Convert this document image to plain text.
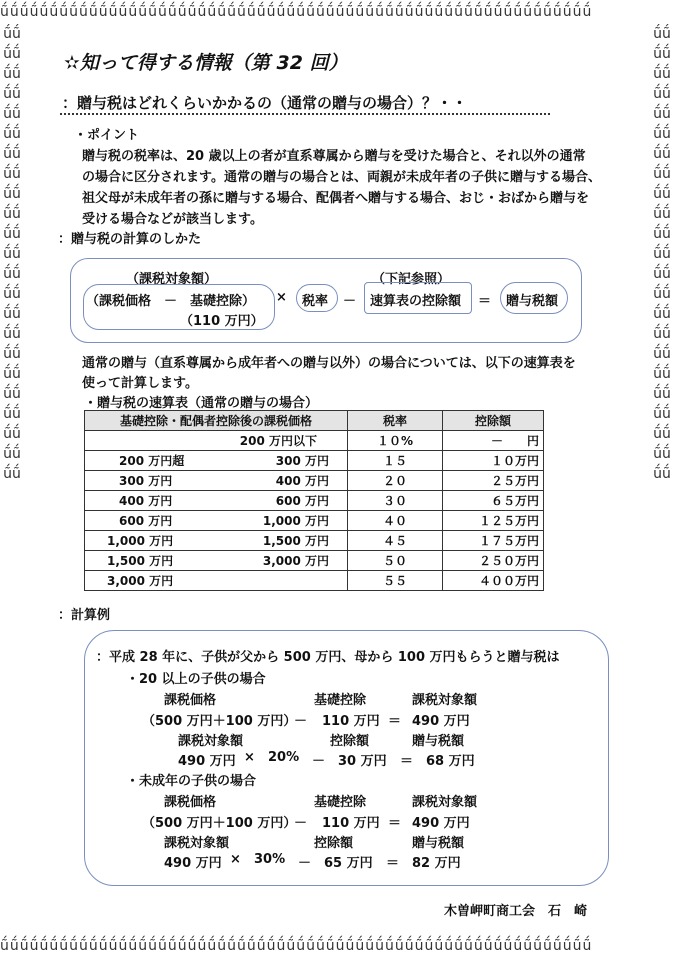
ṹṹṹṹṹṹṹṹṹṹṹṹṹṹṹṹṹṹṹṹṹṹṹṹṹṹṹṹṹṹṹṹṹṹṹṹṹṹṹṹṹṹṹṹṹṹṹṹṹṹṹṹṹṹṹṹṹṹṹṹ
ṹṹṹṹṹṹṹṹṹṹṹṹṹṹṹṹṹṹṹṹṹṹṹṹṹṹṹṹṹṹṹṹṹṹṹṹṹṹṹṹṹṹṹṹṹṹṹṹṹṹṹṹṹṹṹṹṹṹṹṹ
ṹṹṹṹṹṹṹṹṹṹṹṹṹṹṹṹṹṹṹṹṹṹṹṹṹṹṹṹṹṹṹṹṹṹṹṹṹṹṹṹṹṹṹṹṹṹ
ṹṹṹṹṹṹṹṹṹṹṹṹṹṹṹṹṹṹṹṹṹṹṹṹṹṹṹṹṹṹṹṹṹṹṹṹṹṹṹṹṹṹṹṹṹṹ
✫知って得する情報（第 32 回）
：贈与税はどれくらいかかるの（通常の贈与の場合）？・・
・ポイント
贈与税の税率は、20 歳以上の者が直系尊属から贈与を受けた場合と、それ以外の通常
の場合に区分されます。通常の贈与の場合とは、両親が未成年者の子供に贈与する場合、
祖父母が未成年者の孫に贈与する場合、配偶者へ贈与する場合、おじ・おばから贈与を
受ける場合などが該当します。
：贈与税の計算のしかた
（課税対象額）	（下記参照）
（課税価格　－　基礎控除）
（110 万円）
× 税率 － 速算表の控除額 ＝ 贈与税額
通常の贈与（直系尊属から成年者への贈与以外）の場合については、以下の速算表を
使って計算します。
・贈与税の速算表（通常の贈与の場合）
基礎控除・配偶者控除後の課税価格	税率	控除額
200 万円以下	１０%	－　　円

200 万円超 300 万円	１５	１０万円

300 万円 400 万円	２０	２５万円

400 万円 600 万円	３０	６５万円

600 万円 1,000 万円	４０	１２５万円

1,000 万円 1,500 万円	４５	１７５万円

1,500 万円 3,000 万円	５０	２５０万円

3,000 万円	５５	４００万円
：計算例
：平成 28 年に、子供が父から 500 万円、母から 100 万円もらうと贈与税は
・20 以上の子供の場合
課税価格	基礎控除	課税対象額
（500 万円＋100 万円）
－ 110 万円 ＝ 490 万円
課税対象額	控除額	贈与税額
490 万円 × 20% － 30 万円 ＝ 68 万円
・未成年の子供の場合
課税価格	基礎控除	課税対象額
（500 万円＋100 万円）
－ 110 万円 ＝ 490 万円
課税対象額	控除額	贈与税額
490 万円 × 30% － 65 万円 ＝ 82 万円
木曽岬町商工会　石　崎
